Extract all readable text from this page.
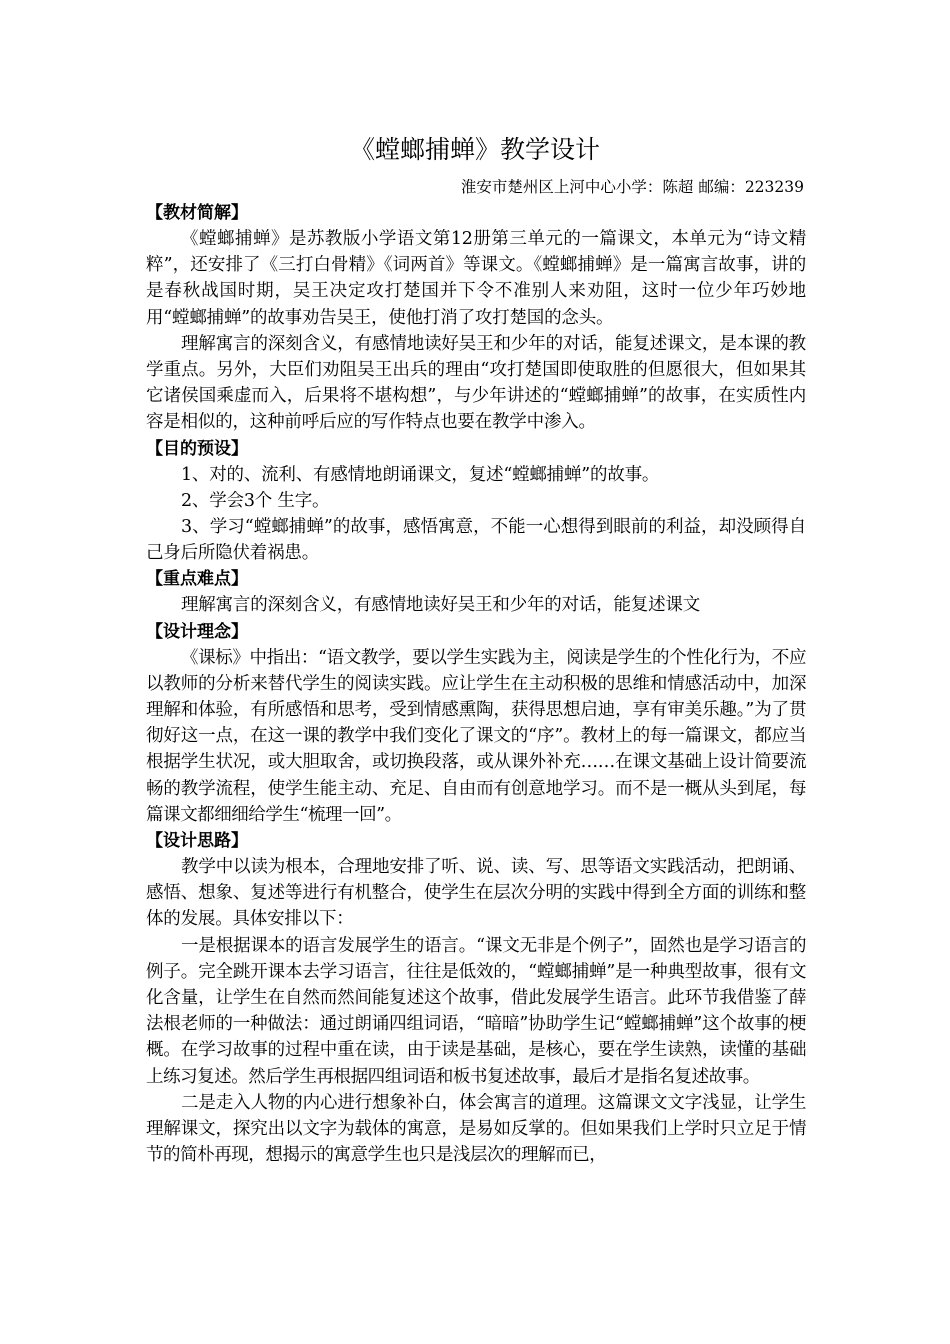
《螳螂捕蝉》教学设计
淮安市楚州区上河中心小学：陈超 邮编：223239
【教材简解】
《螳螂捕蝉》是苏教版小学语文第12册第三单元的一篇课文，本单元为“诗文精粹”，还安排了《三打白骨精》《词两首》等课文。《螳螂捕蝉》是一篇寓言故事，讲的是春秋战国时期，吴王决定攻打楚国并下令不准别人来劝阻，这时一位少年巧妙地用“螳螂捕蝉”的故事劝告吴王，使他打消了攻打楚国的念头。
理解寓言的深刻含义，有感情地读好吴王和少年的对话，能复述课文，是本课的教学重点。另外，大臣们劝阻吴王出兵的理由“攻打楚国即使取胜的但愿很大，但如果其它诸侯国乘虚而入，后果将不堪构想”，与少年讲述的“螳螂捕蝉”的故事，在实质性内容是相似的，这种前呼后应的写作特点也要在教学中渗入。
【目的预设】
1、对的、流利、有感情地朗诵课文，复述“螳螂捕蝉”的故事。
2、学会3个 生字。
3、学习“螳螂捕蝉”的故事，感悟寓意，不能一心想得到眼前的利益，却没顾得自己身后所隐伏着祸患。
【重点难点】
理解寓言的深刻含义，有感情地读好吴王和少年的对话，能复述课文
【设计理念】
《课标》中指出：“语文教学，要以学生实践为主，阅读是学生的个性化行为，不应以教师的分析来替代学生的阅读实践。应让学生在主动积极的思维和情感活动中，加深理解和体验，有所感悟和思考，受到情感熏陶，获得思想启迪，享有审美乐趣。”为了贯彻好这一点，在这一课的教学中我们变化了课文的“序”。教材上的每一篇课文，都应当根据学生状况，或大胆取舍，或切换段落，或从课外补充……在课文基础上设计简要流畅的教学流程，使学生能主动、充足、自由而有创意地学习。而不是一概从头到尾，每篇课文都细细给学生“梳理一回”。
【设计思路】
教学中以读为根本，合理地安排了听、说、读、写、思等语文实践活动，把朗诵、感悟、想象、复述等进行有机整合，使学生在层次分明的实践中得到全方面的训练和整体的发展。具体安排以下：
一是根据课本的语言发展学生的语言。“课文无非是个例子”，固然也是学习语言的例子。完全跳开课本去学习语言，往往是低效的，“螳螂捕蝉”是一种典型故事，很有文化含量，让学生在自然而然间能复述这个故事，借此发展学生语言。此环节我借鉴了薛法根老师的一种做法：通过朗诵四组词语，“暗暗”协助学生记“螳螂捕蝉”这个故事的梗概。在学习故事的过程中重在读，由于读是基础，是核心，要在学生读熟，读懂的基础上练习复述。然后学生再根据四组词语和板书复述故事，最后才是指名复述故事。
二是走入人物的内心进行想象补白，体会寓言的道理。这篇课文文字浅显，让学生理解课文，探究出以文字为载体的寓意，是易如反掌的。但如果我们上学时只立足于情节的简朴再现，想揭示的寓意学生也只是浅层次的理解而已，
